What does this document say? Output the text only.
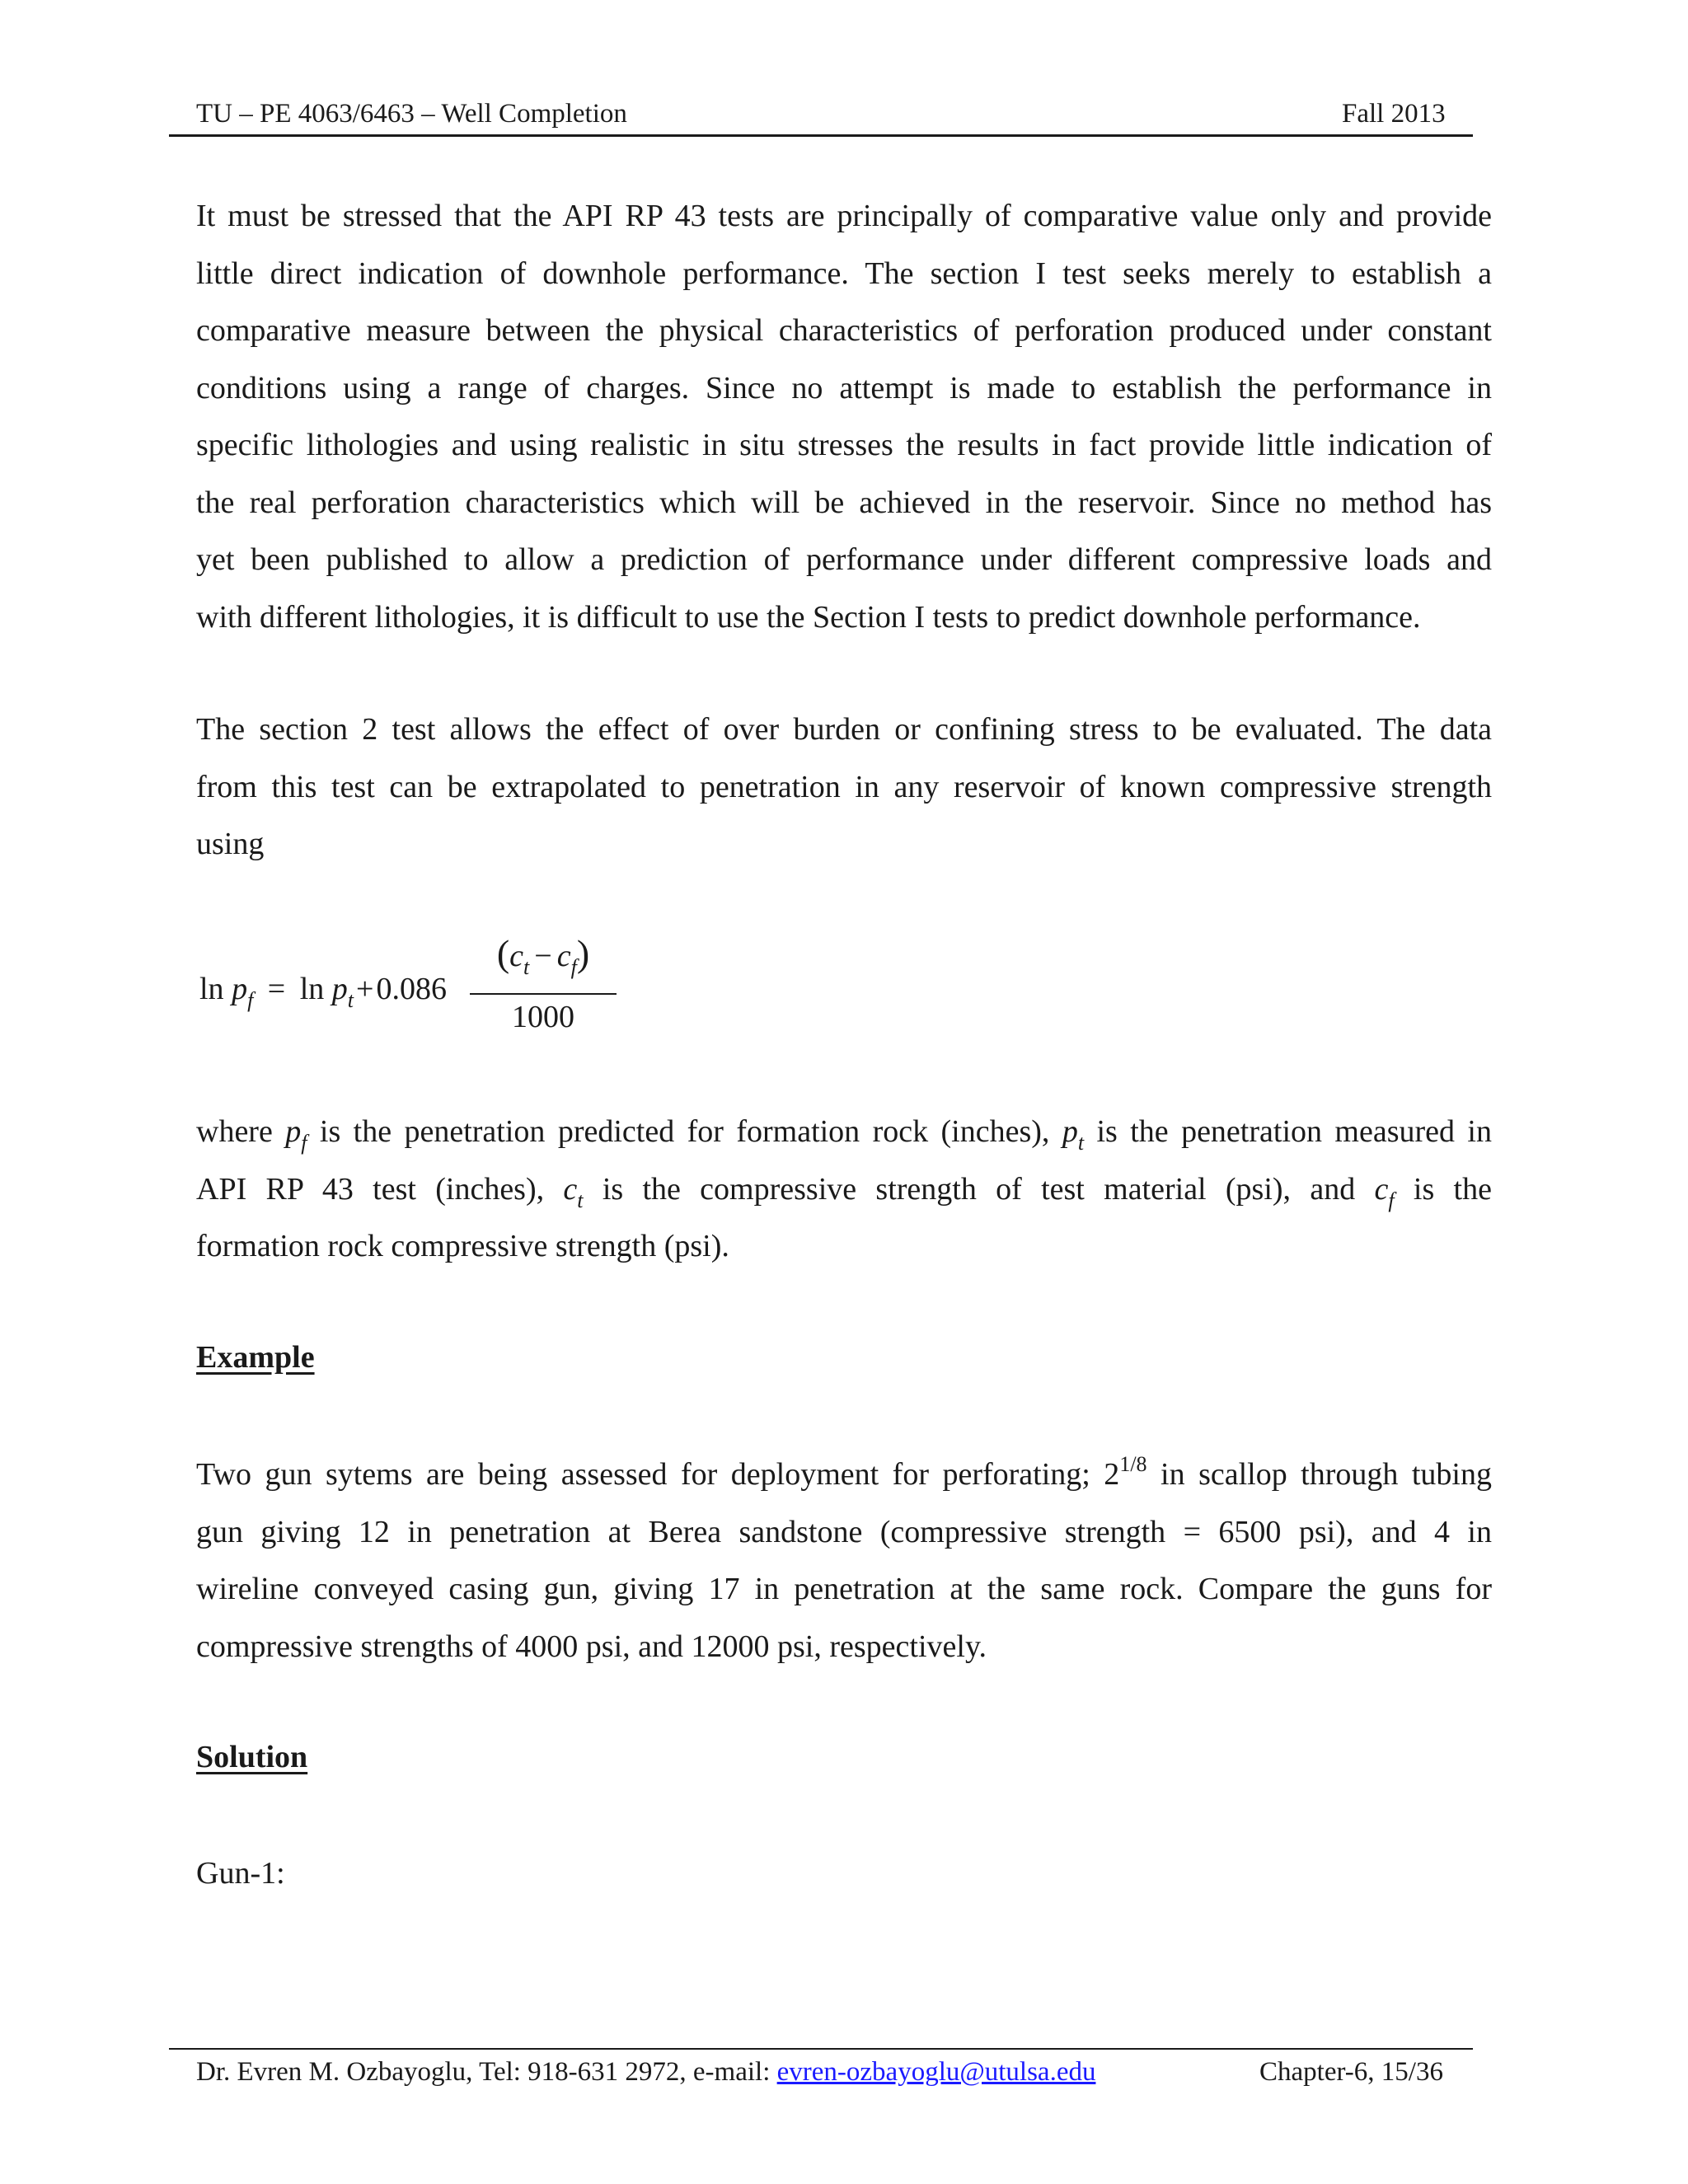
TU – PE 4063/6463 – Well Completion	Fall 2013
It must be stressed that the API RP 43 tests are principally of comparative value only and provide
little direct indication of downhole performance. The section I test seeks merely to establish a
comparative measure between the physical characteristics of perforation produced under constant
conditions using a range of charges. Since no attempt is made to establish the performance in
specific lithologies and using realistic in situ stresses the results in fact provide little indication of
the real perforation characteristics which will be achieved in the reservoir. Since no method has
yet been published to allow a prediction of performance under different compressive loads and
with different lithologies, it is difficult to use the Section I tests to predict downhole performance.
The section 2 test allows the effect of over burden or confining stress to be evaluated. The data
from this test can be extrapolated to penetration in any reservoir of known compressive strength
using
$\ln p_f = \ln p_t+0.086$
$(c_t - c_f)$
1000
where $p_f$ is the penetration predicted for formation rock (inches), $p_t$ is the penetration measured in
API RP 43 test (inches), $c_t$ is the compressive strength of test material (psi), and $c_f$ is the
formation rock compressive strength (psi).
Example
Two gun sytems are being assessed for deployment for perforating; $2^{1/8}$ in scallop through tubing
gun giving 12 in penetration at Berea sandstone (compressive strength = 6500 psi), and 4 in
wireline conveyed casing gun, giving 17 in penetration at the same rock. Compare the guns for
compressive strengths of 4000 psi, and 12000 psi, respectively.
Solution
Gun-1:
Dr. Evren M. Ozbayoglu, Tel: 918-631 2972, e-mail: evren-ozbayoglu@utulsa.edu	Chapter-6, 15/36
